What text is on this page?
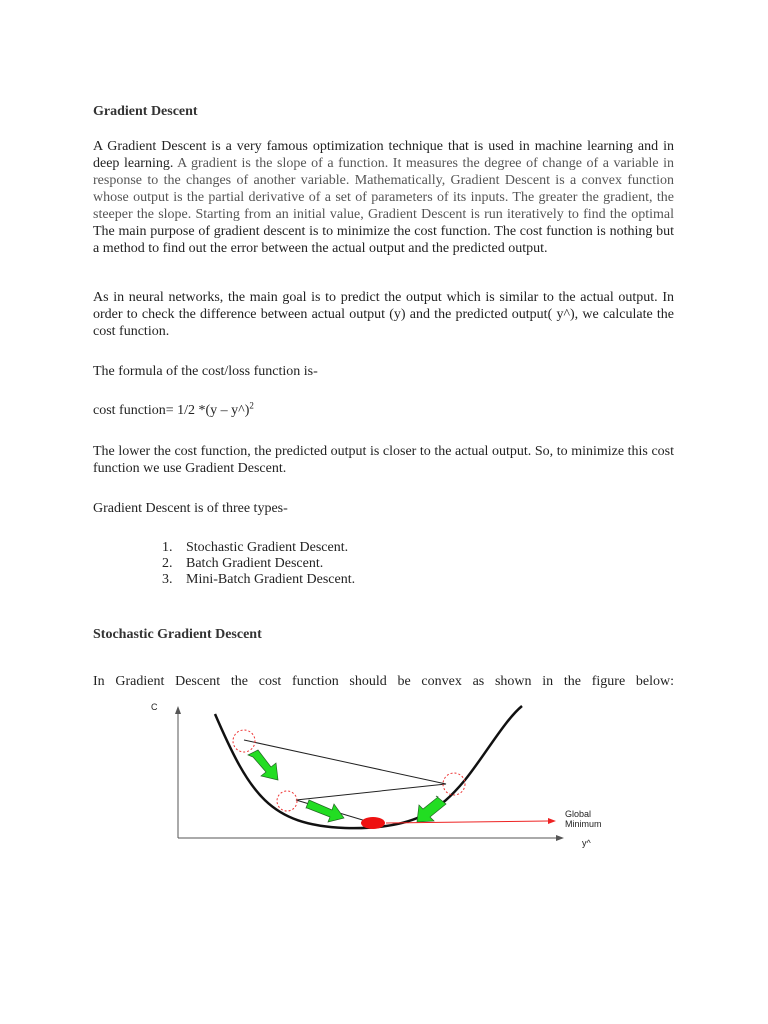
Gradient Descent

A Gradient Descent is a very famous optimization technique that is used in machine learning and in deep learning. A gradient is the slope of a function. It measures the degree of change of a variable in response to the changes of another variable. Mathematically, Gradient Descent is a convex function whose output is the partial derivative of a set of parameters of its inputs. The greater the gradient, the steeper the slope. Starting from an initial value, Gradient Descent is run iteratively to find the optimal The main purpose of gradient descent is to minimize the cost function. The cost function is nothing but a method to find out the error between the actual output and the predicted output.

As in neural networks, the main goal is to predict the output which is similar to the actual output. In order to check the difference between actual output (y) and the predicted output( y^), we calculate the cost function.

The formula of the cost/loss function is-

cost function= 1/2 *(y – y^)$^2$

The lower the cost function, the predicted output is closer to the actual output. So, to minimize this cost function we use Gradient Descent.

Gradient Descent is of three types-

1. Stochastic Gradient Descent.
2. Batch Gradient Descent.
3. Mini-Batch Gradient Descent.
Stochastic Gradient Descent

In Gradient Descent the cost function should be convex as shown in the figure below:

C
y^
Global
Minimum
